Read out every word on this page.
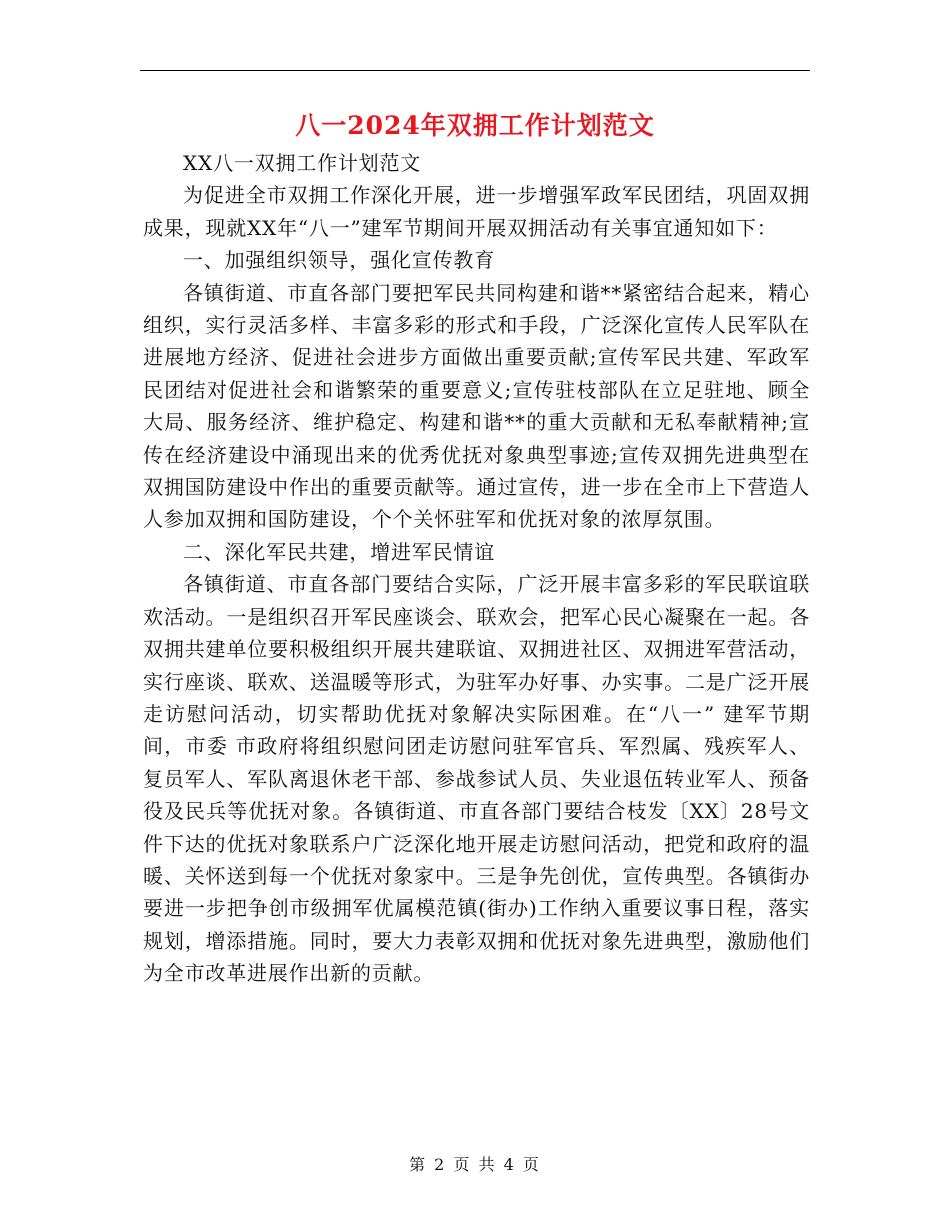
八一2024年双拥工作计划范文

XX八一双拥工作计划范文

为促进全市双拥工作深化开展，进一步增强军政军民团结，巩固双拥成果，现就XX年“八一”建军节期间开展双拥活动有关事宜通知如下：

一、加强组织领导，强化宣传教育

各镇街道、市直各部门要把军民共同构建和谐**紧密结合起来，精心组织，实行灵活多样、丰富多彩的形式和手段，广泛深化宣传人民军队在进展地方经济、促进社会进步方面做出重要贡献;宣传军民共建、军政军民团结对促进社会和谐繁荣的重要意义;宣传驻枝部队在立足驻地、顾全大局、服务经济、维护稳定、构建和谐**的重大贡献和无私奉献精神;宣传在经济建设中涌现出来的优秀优抚对象典型事迹;宣传双拥先进典型在双拥国防建设中作出的重要贡献等。通过宣传，进一步在全市上下营造人人参加双拥和国防建设，个个关怀驻军和优抚对象的浓厚氛围。

二、深化军民共建，增进军民情谊

各镇街道、市直各部门要结合实际，广泛开展丰富多彩的军民联谊联欢活动。一是组织召开军民座谈会、联欢会，把军心民心凝聚在一起。各双拥共建单位要积极组织开展共建联谊、双拥进社区、双拥进军营活动，实行座谈、联欢、送温暖等形式，为驻军办好事、办实事。二是广泛开展走访慰问活动，切实帮助优抚对象解决实际困难。在“八一” 建军节期间，市委 市政府将组织慰问团走访慰问驻军官兵、军烈属、残疾军人、复员军人、军队离退休老干部、参战参试人员、失业退伍转业军人、预备役及民兵等优抚对象。各镇街道、市直各部门要结合枝发〔XX〕28号文件下达的优抚对象联系户广泛深化地开展走访慰问活动，把党和政府的温暖、关怀送到每一个优抚对象家中。三是争先创优，宣传典型。各镇街办要进一步把争创市级拥军优属模范镇(街办)工作纳入重要议事日程，落实规划，增添措施。同时，要大力表彰双拥和优抚对象先进典型，激励他们为全市改革进展作出新的贡献。

第 2 页 共 4 页
